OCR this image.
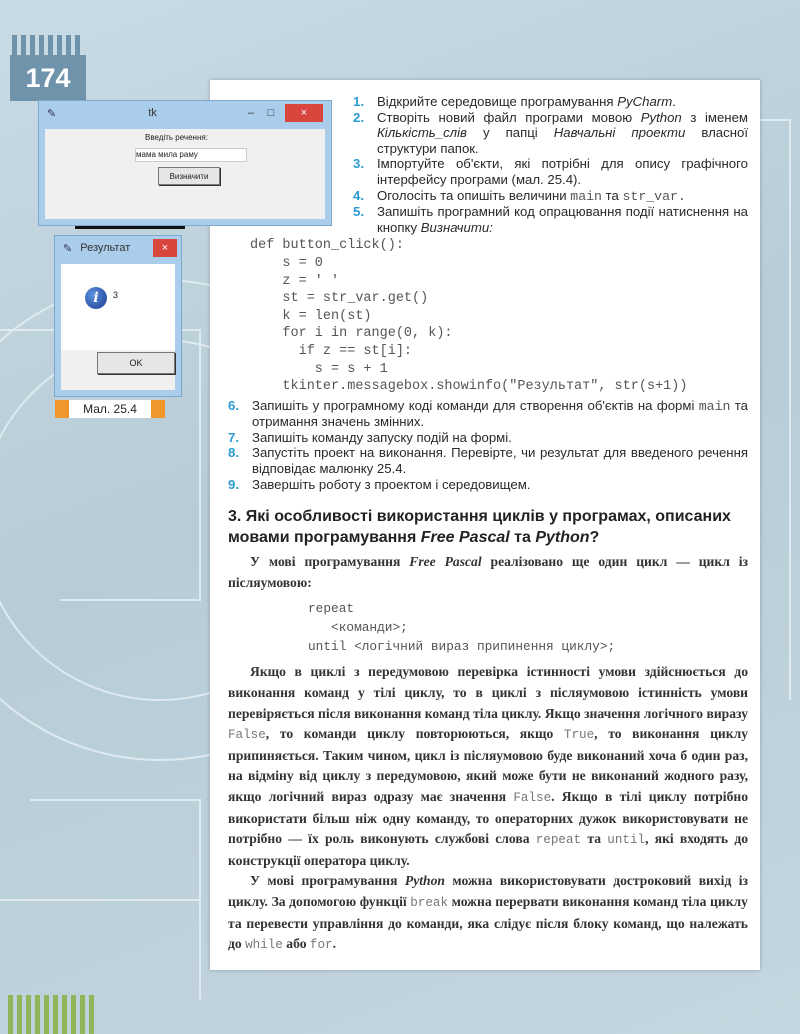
174
✎	tk	–	□	×
Введіть речення:
мама мила раму
Визначити
✎ Результат	×
i	3
OK
Мал. 25.4
1. Відкрийте середовище програмування PyCharm.
2. Створіть новий файл програми мовою Python з іменем Кількість_слів у папці Навчальні проекти власної структури папок.
3. Імпортуйте об'єкти, які потрібні для опису графічного інтерфейсу програми (мал. 25.4).
4. Оголосіть та опишіть величини main та str_var.
5. Запишіть програмний код опрацювання події натиснення на кнопку Визначити:
def button_click():
s = 0
z = ' '
st = str_var.get()
k = len(st)
for i in range(0, k):
if z == st[i]:
s = s + 1
tkinter.messagebox.showinfo("Результат", str(s+1))
6. Запишіть у програмному коді команди для створення об'єктів на формі main та отримання значень змінних.
7. Запишіть команду запуску подій на формі.
8. Запустіть проект на виконання. Перевірте, чи результат для введеного речення відповідає малюнку 25.4.
9. Завершіть роботу з проектом і середовищем.
3. Які особливості використання циклів у програмах, описаних мовами програмування Free Pascal та Python?
У мові програмування Free Pascal реалізовано ще один цикл — цикл із післяумовою:
repeat
<команди>;
until <логічний вираз припинення циклу>;
Якщо в циклі з передумовою перевірка істинності умови здійснюється до виконання команд у тілі циклу, то в циклі з післяумовою істинність умови перевіряється після виконання команд тіла циклу. Якщо значення логічного виразу False, то команди циклу повторюються, якщо True, то виконання циклу припиняється. Таким чином, цикл із післяумовою буде виконаний хоча б один раз, на відміну від циклу з передумовою, який може бути не виконаний жодного разу, якщо логічний вираз одразу має значення False. Якщо в тілі циклу потрібно використати більш ніж одну команду, то операторних дужок використовувати не потрібно — їх роль виконують службові слова repeat та until, які входять до конструкції оператора циклу.
У мові програмування Python можна використовувати достроковий вихід із циклу. За допомогою функції break можна перервати виконання команд тіла циклу та перевести управління до команди, яка слідує після блоку команд, що належать до while або for.
